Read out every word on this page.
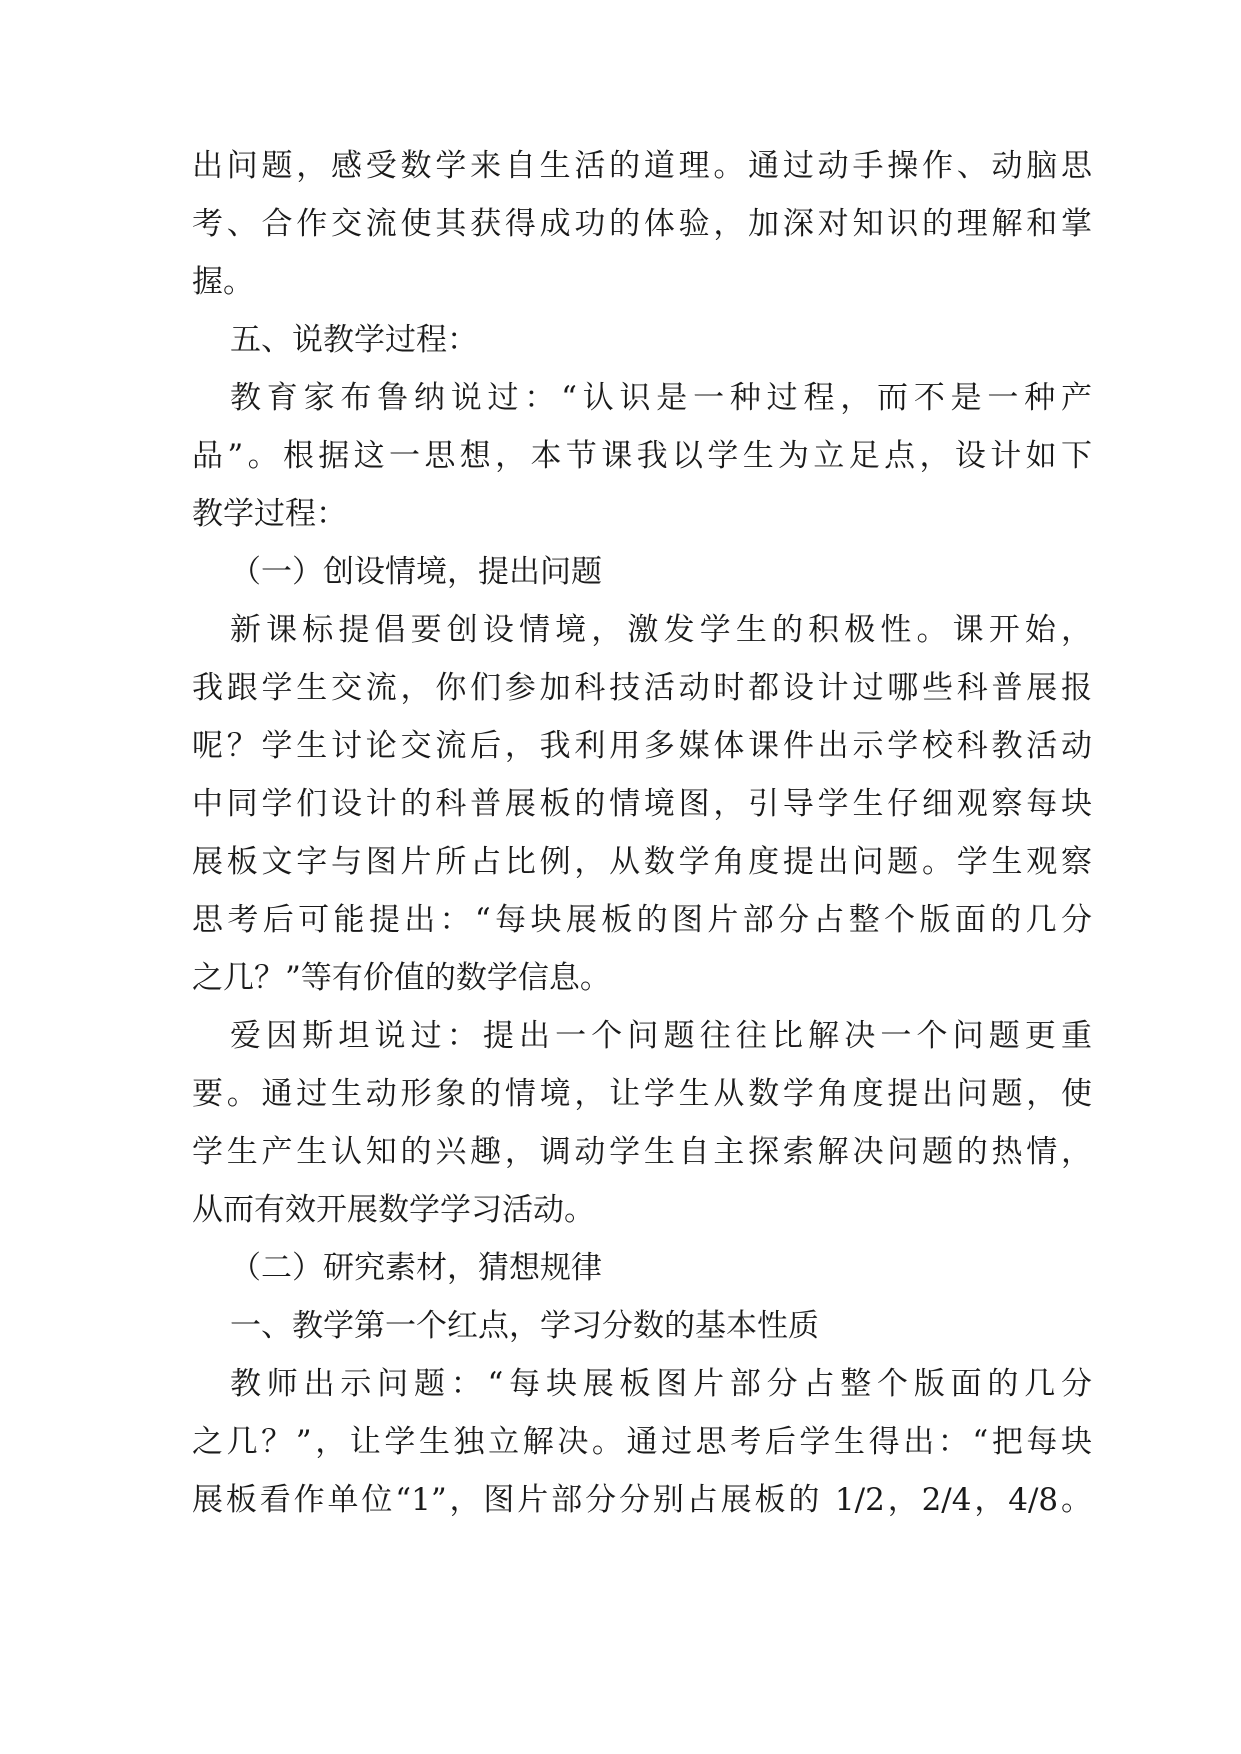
出问题，感受数学来自生活的道理。通过动手操作、动脑思
考、合作交流使其获得成功的体验，加深对知识的理解和掌
握。
五、说教学过程：
教育家布鲁纳说过：“认识是一种过程，而不是一种产
品”。根据这一思想，本节课我以学生为立足点，设计如下
教学过程：
（一）创设情境，提出问题
新课标提倡要创设情境，激发学生的积极性。课开始，
我跟学生交流，你们参加科技活动时都设计过哪些科普展报
呢？学生讨论交流后，我利用多媒体课件出示学校科教活动
中同学们设计的科普展板的情境图，引导学生仔细观察每块
展板文字与图片所占比例，从数学角度提出问题。学生观察
思考后可能提出：“每块展板的图片部分占整个版面的几分
之几？”等有价值的数学信息。
爱因斯坦说过：提出一个问题往往比解决一个问题更重
要。通过生动形象的情境，让学生从数学角度提出问题，使
学生产生认知的兴趣，调动学生自主探索解决问题的热情，
从而有效开展数学学习活动。
（二）研究素材，猜想规律
一、教学第一个红点，学习分数的基本性质
教师出示问题：“每块展板图片部分占整个版面的几分
之几？”，让学生独立解决。通过思考后学生得出：“把每块
展板看作单位“1”，图片部分分别占展板的 1/2，2/4，4/8。
